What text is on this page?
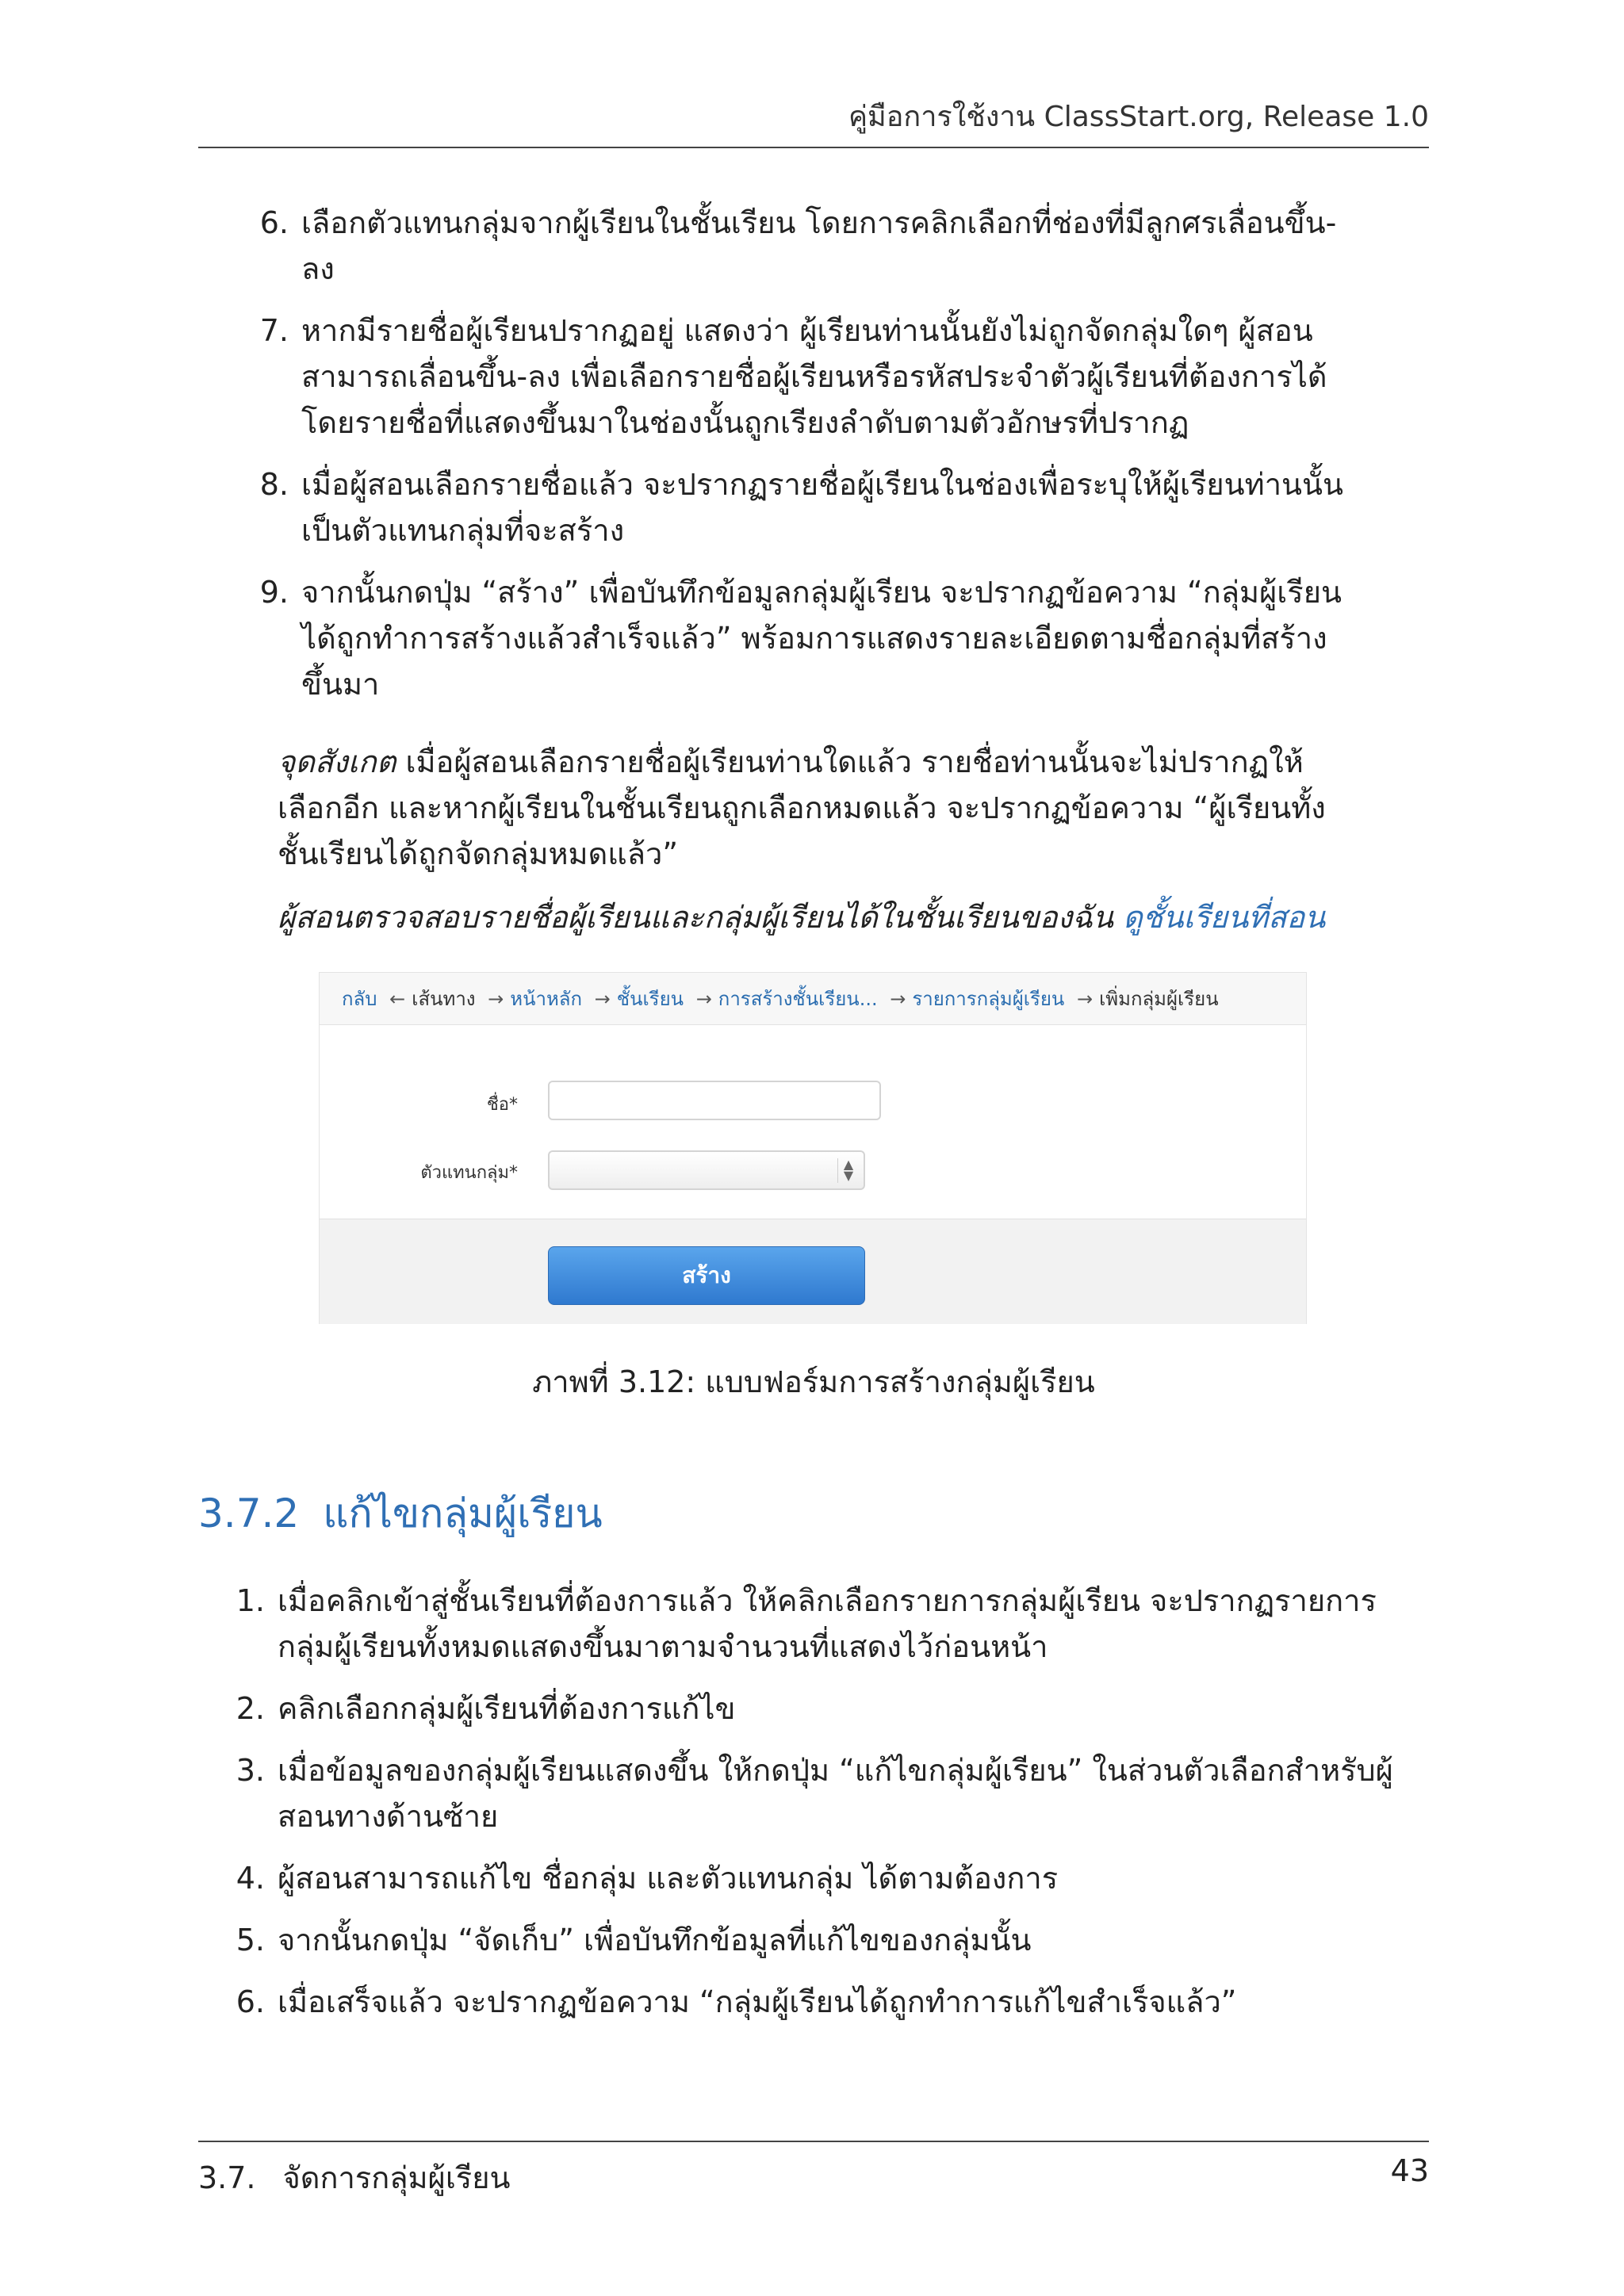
คู่มือการใช้งาน ClassStart.org, Release 1.0
6. เลือกตัวแทนกลุ่มจากผู้เรียนในชั้นเรียน โดยการคลิกเลือกที่ช่องที่มีลูกศรเลื่อนขึ้น-ลง
7. หากมีรายชื่อผู้เรียนปรากฏอยู่ แสดงว่า ผู้เรียนท่านนั้นยังไม่ถูกจัดกลุ่มใดๆ ผู้สอนสามารถเลื่อนขึ้น-ลง เพื่อเลือกรายชื่อผู้เรียนหรือรหัสประจำตัวผู้เรียนที่ต้องการได้ โดยรายชื่อที่แสดงขึ้นมาในช่องนั้นถูกเรียงลำดับตามตัวอักษรที่ปรากฏ
8. เมื่อผู้สอนเลือกรายชื่อแล้ว จะปรากฏรายชื่อผู้เรียนในช่องเพื่อระบุให้ผู้เรียนท่านนั้นเป็นตัวแทนกลุ่มที่จะสร้าง
9. จากนั้นกดปุ่ม “สร้าง” เพื่อบันทึกข้อมูลกลุ่มผู้เรียน จะปรากฏข้อความ “กลุ่มผู้เรียนได้ถูกทำการสร้างแล้วสำเร็จแล้ว” พร้อมการแสดงรายละเอียดตามชื่อกลุ่มที่สร้างขึ้นมา
จุดสังเกต เมื่อผู้สอนเลือกรายชื่อผู้เรียนท่านใดแล้ว รายชื่อท่านนั้นจะไม่ปรากฏให้เลือกอีก และหากผู้เรียนในชั้นเรียนถูกเลือกหมดแล้ว จะปรากฏข้อความ “ผู้เรียนทั้งชั้นเรียนได้ถูกจัดกลุ่มหมดแล้ว”
ผู้สอนตรวจสอบรายชื่อผู้เรียนและกลุ่มผู้เรียนได้ในชั้นเรียนของฉัน ดูชั้นเรียนที่สอน
กลับ ← เส้นทาง → หน้าหลัก → ชั้นเรียน → การสร้างชั้นเรียน... → รายการกลุ่มผู้เรียน → เพิ่มกลุ่มผู้เรียน
ชื่อ*
ตัวแทนกลุ่ม*	▲
▼
สร้าง
ภาพที่ 3.12: แบบฟอร์มการสร้างกลุ่มผู้เรียน
3.7.2 แก้ไขกลุ่มผู้เรียน
1. เมื่อคลิกเข้าสู่ชั้นเรียนที่ต้องการแล้ว ให้คลิกเลือกรายการกลุ่มผู้เรียน จะปรากฏรายการกลุ่มผู้เรียนทั้งหมดแสดงขึ้นมาตามจำนวนที่แสดงไว้ก่อนหน้า
2. คลิกเลือกกลุ่มผู้เรียนที่ต้องการแก้ไข
3. เมื่อข้อมูลของกลุ่มผู้เรียนแสดงขึ้น ให้กดปุ่ม “แก้ไขกลุ่มผู้เรียน” ในส่วนตัวเลือกสำหรับผู้สอนทางด้านซ้าย
4. ผู้สอนสามารถแก้ไข ชื่อกลุ่ม และตัวแทนกลุ่ม ได้ตามต้องการ
5. จากนั้นกดปุ่ม “จัดเก็บ” เพื่อบันทึกข้อมูลที่แก้ไขของกลุ่มนั้น
6. เมื่อเสร็จแล้ว จะปรากฏข้อความ “กลุ่มผู้เรียนได้ถูกทำการแก้ไขสำเร็จแล้ว”
3.7. จัดการกลุ่มผู้เรียน	43
